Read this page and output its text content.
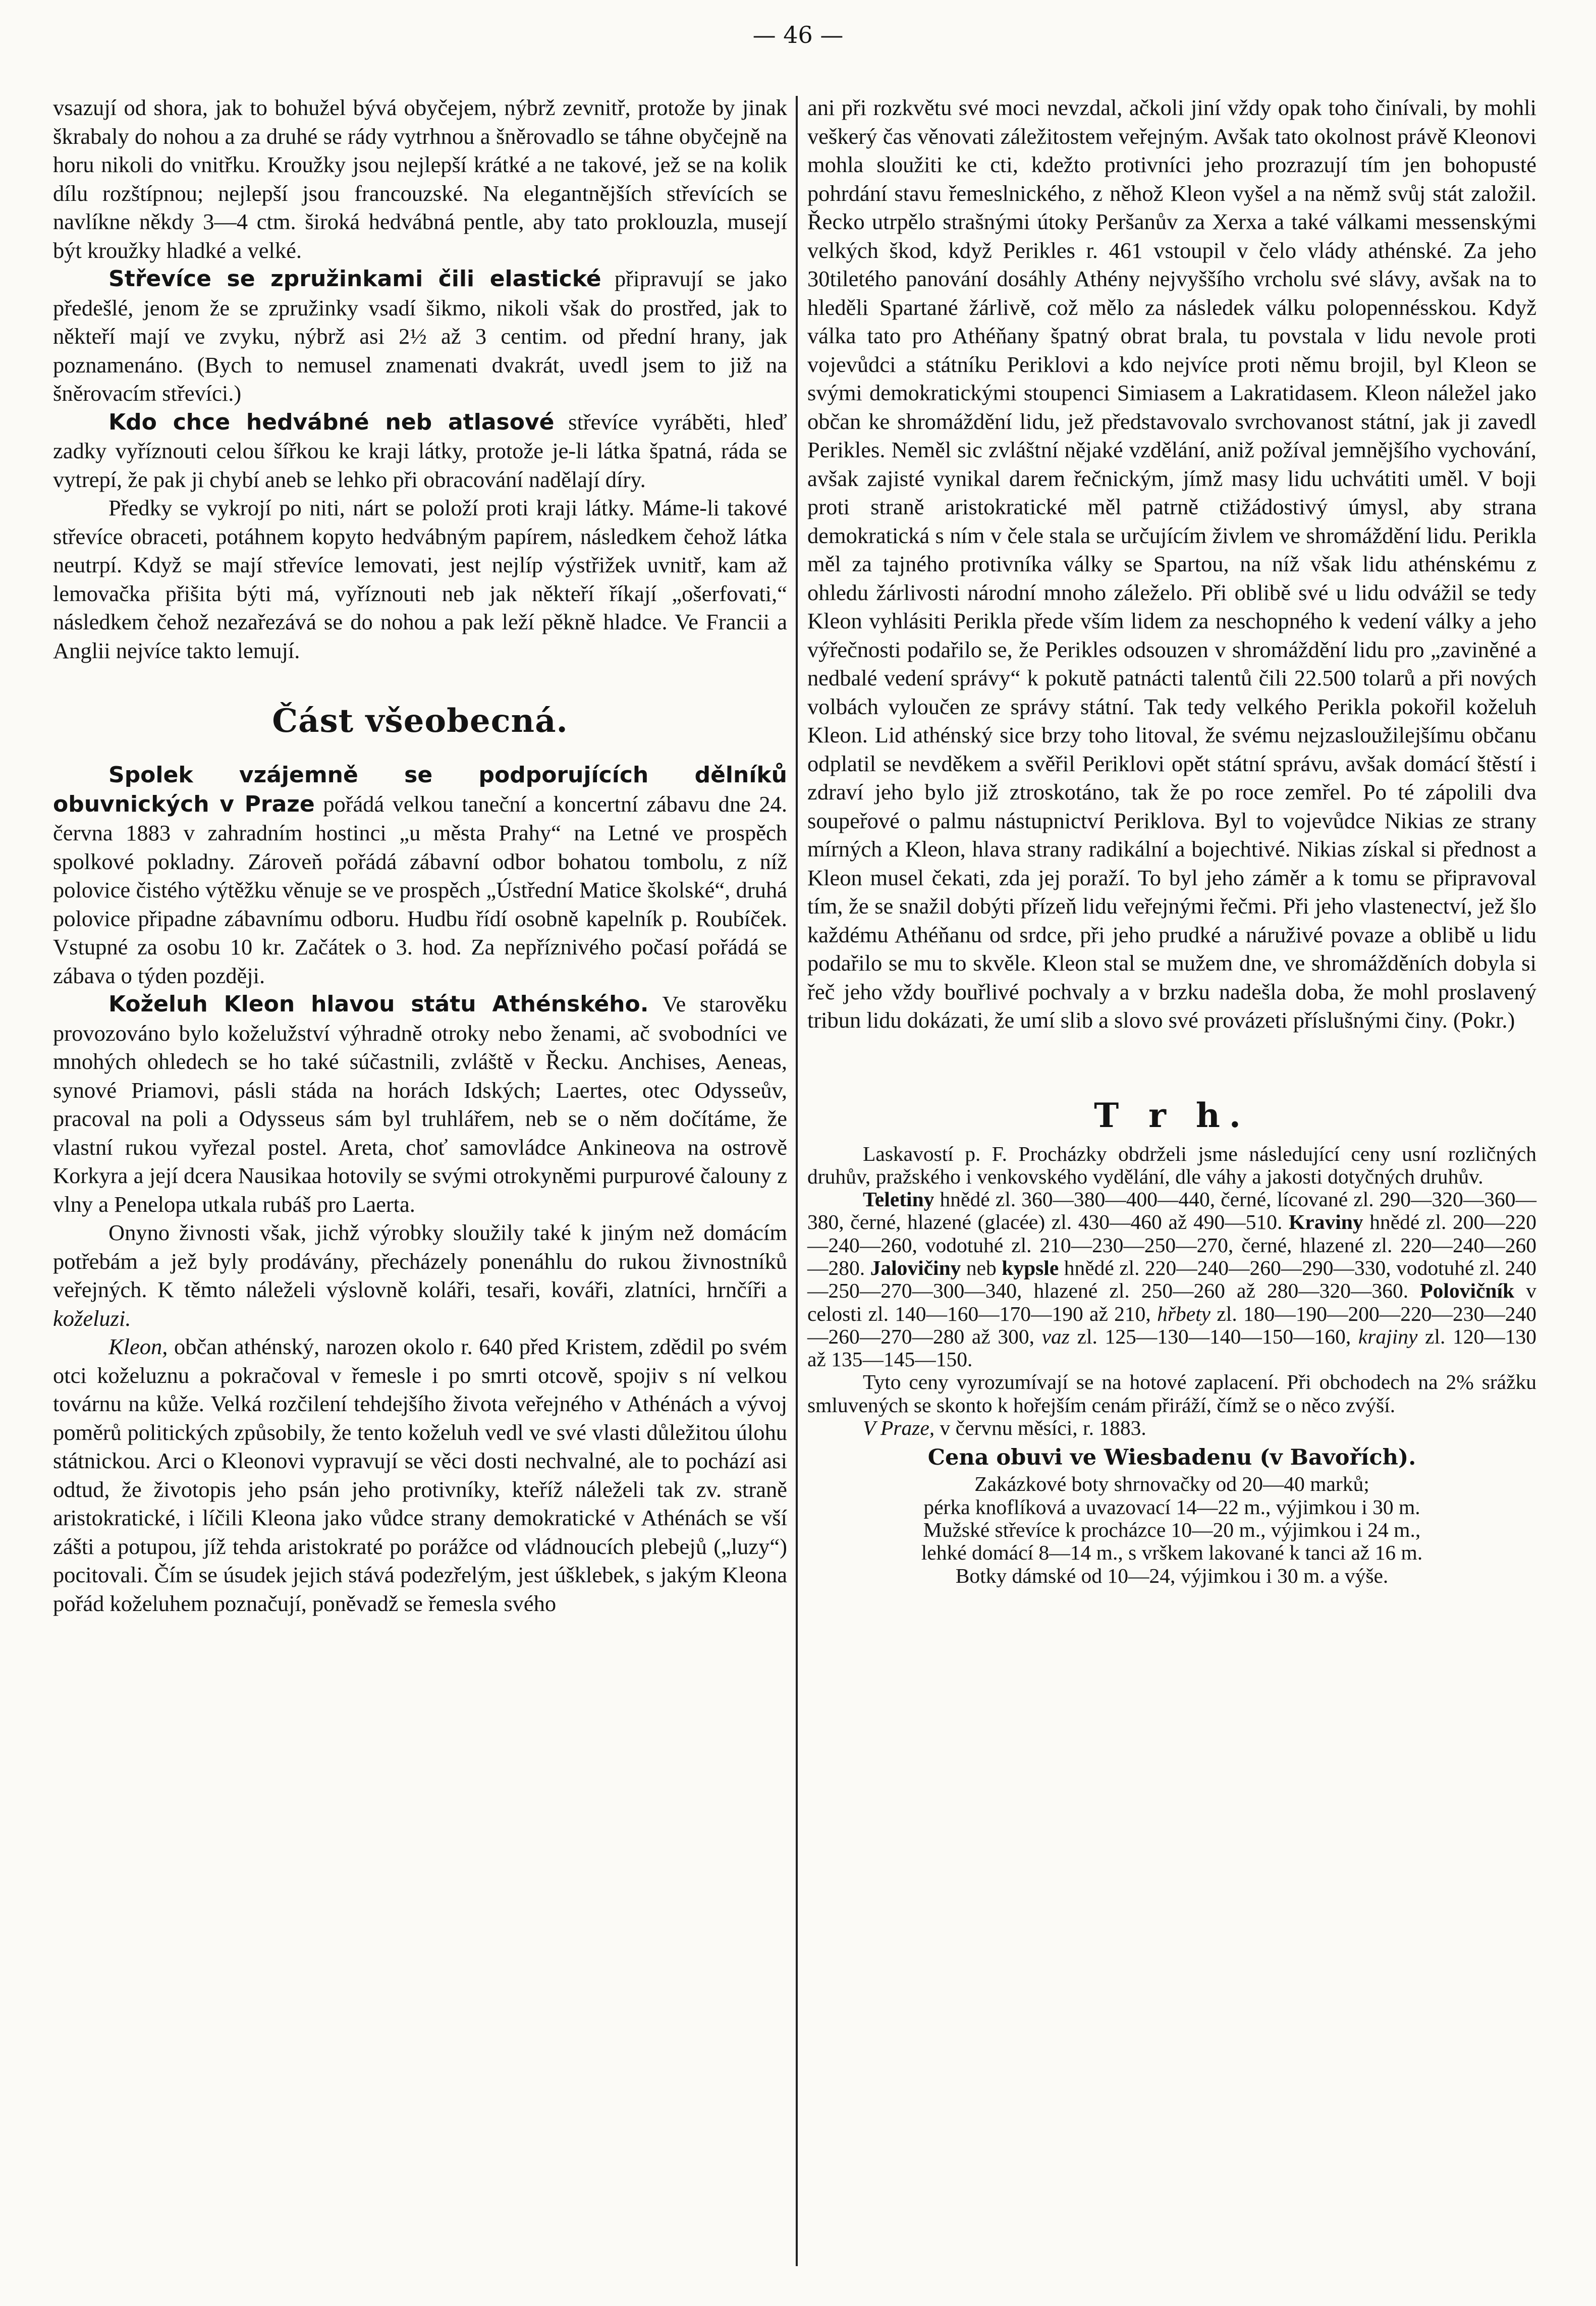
— 46 —

vsazují od shora, jak to bohužel bývá obyčejem, nýbrž zevnitř, protože by jinak škrabaly do nohou a za druhé se rády vytrhnou a šněrovadlo se táhne obyčejně na horu nikoli do vnitřku. Kroužky jsou nejlepší krátké a ne takové, jež se na kolik dílu rozštípnou; nejlepší jsou francouzské. Na elegantnějších střevících se navlíkne někdy 3—4 ctm. široká hedvábná pentle, aby tato proklouzla, musejí být kroužky hladké a velké.

Střevíce se zpružinkami čili elastické připravují se jako předešlé, jenom že se zpružinky vsadí šikmo, nikoli však do prostřed, jak to někteří mají ve zvyku, nýbrž asi 2½ až 3 centim. od přední hrany, jak poznamenáno. (Bych to nemusel znamenati dvakrát, uvedl jsem to již na šněrovacím střevíci.)

Kdo chce hedvábné neb atlasové střevíce vyráběti, hleď zadky vyříznouti celou šířkou ke kraji látky, protože je-li látka špatná, ráda se vytrepí, že pak ji chybí aneb se lehko při obracování nadělají díry.

Předky se vykrojí po niti, nárt se položí proti kraji látky. Máme-li takové střevíce obraceti, potáhnem kopyto hedvábným papírem, následkem čehož látka neutrpí. Když se mají střevíce lemovati, jest nejlíp výstřižek uvnitř, kam až lemovačka přišita býti má, vyříznouti neb jak někteří říkají „ošerfovati,“ následkem čehož nezařezává se do nohou a pak leží pěkně hladce. Ve Francii a Anglii nejvíce takto lemují.

Část všeobecná.

Spolek vzájemně se podporujících dělníků obuvnických v Praze pořádá velkou taneční a koncertní zábavu dne 24. června 1883 v zahradním hostinci „u města Prahy“ na Letné ve prospěch spolkové pokladny. Zároveň pořádá zábavní odbor bohatou tombolu, z níž polovice čistého výtěžku věnuje se ve prospěch „Ústřední Matice školské“, druhá polovice připadne zábavnímu odboru. Hudbu řídí osobně kapelník p. Roubíček. Vstupné za osobu 10 kr. Začátek o 3. hod. Za nepříznivého počasí pořádá se zábava o týden později.

Koželuh Kleon hlavou státu Athénského. Ve starověku provozováno bylo koželužství výhradně otroky nebo ženami, ač svobodníci ve mnohých ohledech se ho také súčastnili, zvláště v Řecku. Anchises, Aeneas, synové Priamovi, pásli stáda na horách Idských; Laertes, otec Odysseův, pracoval na poli a Odysseus sám byl truhlářem, neb se o něm dočítáme, že vlastní rukou vyřezal postel. Areta, choť samovládce Ankineova na ostrově Korkyra a její dcera Nausikaa hotovily se svými otrokyněmi purpurové čalouny z vlny a Penelopa utkala rubáš pro Laerta.

Onyno živnosti však, jichž výrobky sloužily také k jiným než domácím potřebám a jež byly prodávány, přecházely ponenáhlu do rukou živnostníků veřejných. K těmto náleželi výslovně koláři, tesaři, kováři, zlatníci, hrnčíři a koželuzi.

Kleon, občan athénský, narozen okolo r. 640 před Kristem, zdědil po svém otci koželuznu a pokračoval v řemesle i po smrti otcově, spojiv s ní velkou továrnu na kůže. Velká rozčilení tehdejšího života veřejného v Athénách a vývoj poměrů politických způsobily, že tento koželuh vedl ve své vlasti důležitou úlohu státnickou. Arci o Kleonovi vypravují se věci dosti nechvalné, ale to pochází asi odtud, že životopis jeho psán jeho protivníky, kteříž náleželi tak zv. straně aristokratické, i líčili Kleona jako vůdce strany demokratické v Athénách se vší zášti a potupou, jíž tehda aristokraté po porážce od vládnoucích plebejů („luzy“) pocitovali. Čím se úsudek jejich stává podezřelým, jest úšklebek, s jakým Kleona pořád koželuhem poznačují, poněvadž se řemesla svého

ani při rozkvětu své moci nevzdal, ačkoli jiní vždy opak toho činívali, by mohli veškerý čas věnovati záležitostem veřejným. Avšak tato okolnost právě Kleonovi mohla sloužiti ke cti, kdežto protivníci jeho prozrazují tím jen bohopusté pohrdání stavu řemeslnického, z něhož Kleon vyšel a na němž svůj stát založil. Řecko utrpělo strašnými útoky Peršanův za Xerxa a také válkami messenskými velkých škod, když Perikles r. 461 vstoupil v čelo vlády athénské. Za jeho 30tiletého panování dosáhly Athény nejvyššího vrcholu své slávy, avšak na to hleděli Spartané žárlivě, což mělo za následek válku polopennésskou. Když válka tato pro Athéňany špatný obrat brala, tu povstala v lidu nevole proti vojevůdci a státníku Periklovi a kdo nejvíce proti němu brojil, byl Kleon se svými demokratickými stoupenci Simiasem a Lakratidasem. Kleon náležel jako občan ke shromáždění lidu, jež představovalo svrchovanost státní, jak ji zavedl Perikles. Neměl sic zvláštní nějaké vzdělání, aniž požíval jemnějšího vychování, avšak zajisté vynikal darem řečnickým, jímž masy lidu uchvátiti uměl. V boji proti straně aristokratické měl patrně ctižádostivý úmysl, aby strana demokratická s ním v čele stala se určujícím živlem ve shromáždění lidu. Perikla měl za tajného protivníka války se Spartou, na níž však lidu athénskému z ohledu žárlivosti národní mnoho záleželo. Při oblibě své u lidu odvážil se tedy Kleon vyhlásiti Perikla přede vším lidem za neschopného k vedení války a jeho výřečnosti podařilo se, že Perikles odsouzen v shromáždění lidu pro „zaviněné a nedbalé vedení správy“ k pokutě patnácti talentů čili 22.500 tolarů a při nových volbách vyloučen ze správy státní. Tak tedy velkého Perikla pokořil koželuh Kleon. Lid athénský sice brzy toho litoval, že svému nejzasloužilejšímu občanu odplatil se nevděkem a svěřil Periklovi opět státní správu, avšak domácí štěstí i zdraví jeho bylo již ztroskotáno, tak že po roce zemřel. Po té zápolili dva soupeřové o palmu nástupnictví Periklova. Byl to vojevůdce Nikias ze strany mírných a Kleon, hlava strany radikální a bojechtivé. Nikias získal si přednost a Kleon musel čekati, zda jej poraží. To byl jeho záměr a k tomu se připravoval tím, že se snažil dobýti přízeň lidu veřejnými řečmi. Při jeho vlastenectví, jež šlo každému Athéňanu od srdce, při jeho prudké a náruživé povaze a oblibě u lidu podařilo se mu to skvěle. Kleon stal se mužem dne, ve shromážděních dobyla si řeč jeho vždy bouřlivé pochvaly a v brzku nadešla doba, že mohl proslavený tribun lidu dokázati, že umí slib a slovo své provázeti příslušnými činy. (Pokr.)

T r h.

Laskavostí p. F. Procházky obdrželi jsme následující ceny usní rozličných druhův, pražského i venkovského vydělání, dle váhy a jakosti dotyčných druhův.

Teletiny hnědé zl. 360—380—400—440, černé, lícované zl. 290—320—360—380, černé, hlazené (glacée) zl. 430—460 až 490—510. Kraviny hnědé zl. 200—220—240—260, vodotuhé zl. 210—230—250—270, černé, hlazené zl. 220—240—260—280. Jalovičiny neb kypsle hnědé zl. 220—240—260—290—330, vodotuhé zl. 240—250—270—300—340, hlazené zl. 250—260 až 280—320—360. Polovičník v celosti zl. 140—160—170—190 až 210, hřbety zl. 180—190—200—220—230—240—260—270—280 až 300, vaz zl. 125—130—140—150—160, krajiny zl. 120—130 až 135—145—150.

Tyto ceny vyrozumívají se na hotové zaplacení. Při obchodech na 2% srážku smluvených se skonto k hořejším cenám přiráží, čímž se o něco zvýší.

V Praze, v červnu měsíci, r. 1883.

Cena obuvi ve Wiesbadenu (v Bavořích).

Zakázkové boty shrnovačky od 20—40 marků;

pérka knoflíková a uvazovací 14—22 m., výjimkou i 30 m.

Mužské střevíce k procházce 10—20 m., výjimkou i 24 m.,

lehké domácí 8—14 m., s vrškem lakované k tanci až 16 m.

Botky dámské od 10—24, výjimkou i 30 m. a výše.
